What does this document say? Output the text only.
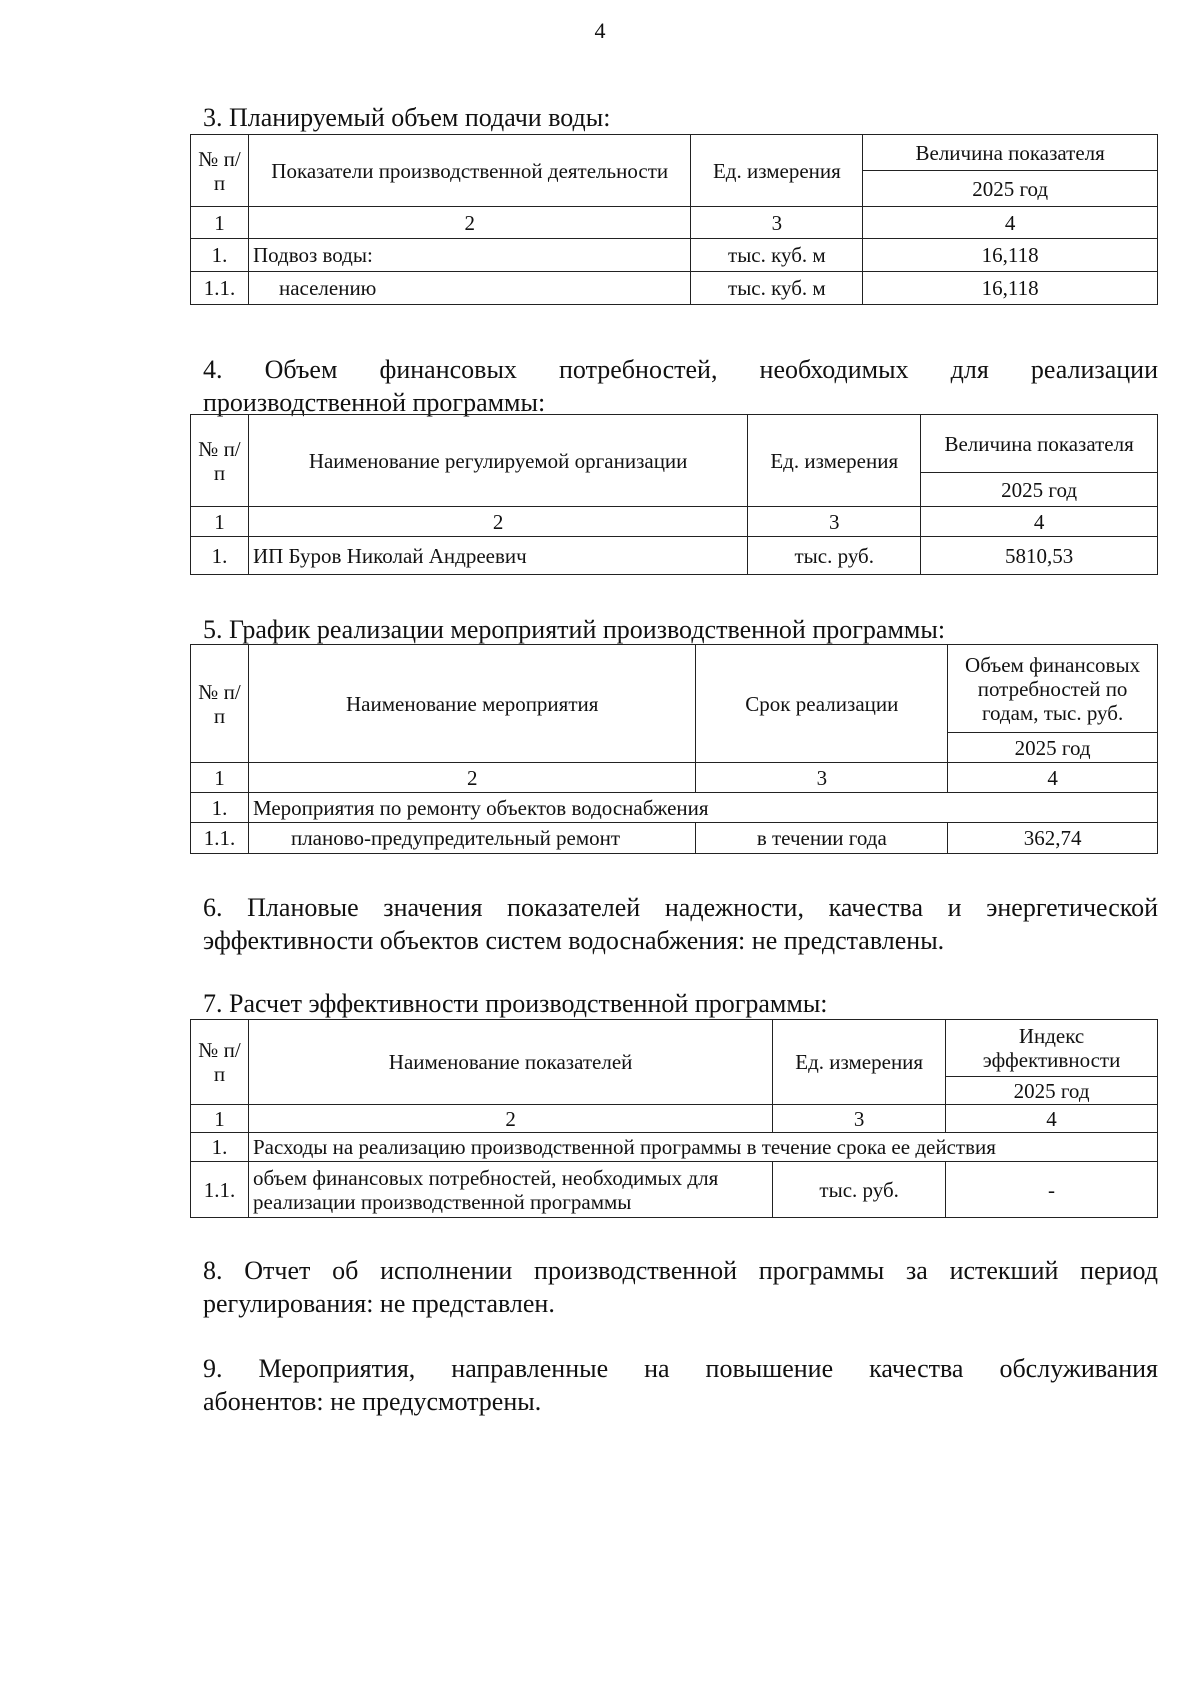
4

3. Планируемый объем подачи воды:

№ п/п	Показатели производственной деятельности	Ед. измерения	Величина показателя
			2025 год
1	2	3	4
1.	Подвоз воды:	тыс. куб. м	16,118
1.1.	населению	тыс. куб. м	16,118

4. Объем финансовых потребностей, необходимых для реализации
производственной программы:

№ п/п	Наименование регулируемой организации	Ед. измерения	Величина показателя
			2025 год
1	2	3	4
1.	ИП Буров Николай Андреевич	тыс. руб.	5810,53

5. График реализации мероприятий производственной программы:

№ п/п	Наименование мероприятия	Срок реализации	Объем финансовых потребностей по годам, тыс. руб.
			2025 год
1	2	3	4
1.	Мероприятия по ремонту объектов водоснабжения		
1.1.	планово-предупредительный ремонт	в течении года	362,74

6. Плановые значения показателей надежности, качества и энергетической эффективности объектов систем водоснабжения: не представлены.

7. Расчет эффективности производственной программы:

№ п/п	Наименование показателей	Ед. измерения	Индекс эффективности
			2025 год
1	2	3	4
1.	Расходы на реализацию производственной программы в течение срока ее действия		
1.1.	объем финансовых потребностей, необходимых для реализации производственной программы	тыс. руб.	-

8. Отчет об исполнении производственной программы за истекший период
регулирования: не представлен.

9. Мероприятия, направленные на повышение качества обслуживания
абонентов: не предусмотрены.
